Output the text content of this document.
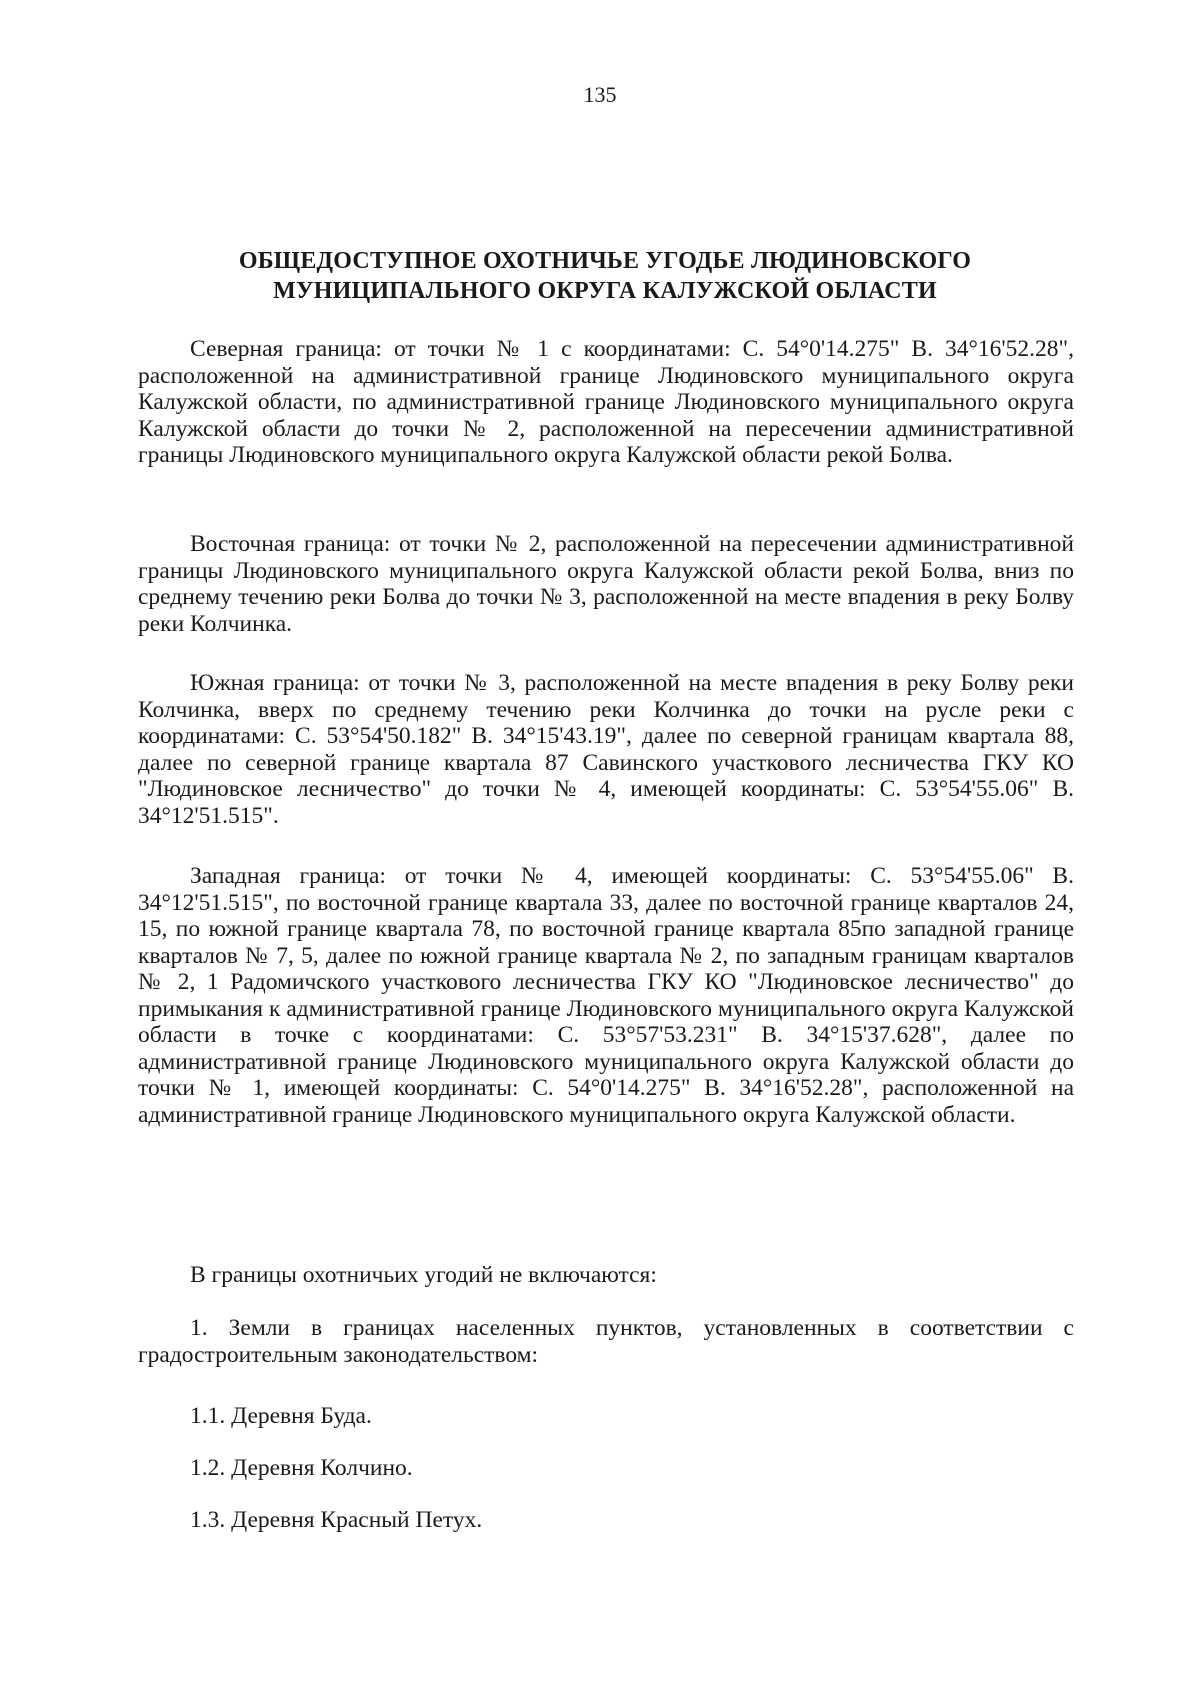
135
ОБЩЕДОСТУПНОЕ ОХОТНИЧЬЕ УГОДЬЕ ЛЮДИНОВСКОГО
МУНИЦИПАЛЬНОГО ОКРУГА КАЛУЖСКОЙ ОБЛАСТИ

Северная граница: от точки № 1 с координатами: С. 54°0'14.275" В. 34°16'52.28", расположенной на административной границе Людиновского муниципального округа Калужской области, по административной границе Людиновского муниципального округа Калужской области до точки № 2, расположенной на пересечении административной границы Людиновского муниципального округа Калужской области рекой Болва.

Восточная граница: от точки № 2, расположенной на пересечении административной границы Людиновского муниципального округа Калужской области рекой Болва, вниз по среднему течению реки Болва до точки № 3, расположенной на месте впадения в реку Болву реки Колчинка.

Южная граница: от точки № 3, расположенной на месте впадения в реку Болву реки Колчинка, вверх по среднему течению реки Колчинка до точки на русле реки с координатами: С. 53°54'50.182" В. 34°15'43.19", далее по северной границам квартала 88, далее по северной границе квартала 87 Савинского участкового лесничества ГКУ КО "Людиновское лесничество" до точки № 4, имеющей координаты: С. 53°54'55.06" В. 34°12'51.515".

Западная граница: от точки № 4, имеющей координаты: С. 53°54'55.06" В. 34°12'51.515", по восточной границе квартала 33, далее по восточной границе кварталов 24, 15, по южной границе квартала 78, по восточной границе квартала 85по западной границе кварталов № 7, 5, далее по южной границе квартала № 2, по западным границам кварталов № 2, 1 Радомичского участкового лесничества ГКУ КО "Людиновское лесничество" до примыкания к административной границе Людиновского муниципального округа Калужской области в точке с координатами: С. 53°57'53.231" В. 34°15'37.628", далее по административной границе Людиновского муниципального округа Калужской области до точки № 1, имеющей координаты: С. 54°0'14.275" В. 34°16'52.28", расположенной на административной границе Людиновского муниципального округа Калужской области.

В границы охотничьих угодий не включаются:

1. Земли в границах населенных пунктов, установленных в соответствии с градостроительным законодательством:

1.1. Деревня Буда.

1.2. Деревня Колчино.

1.3. Деревня Красный Петух.
